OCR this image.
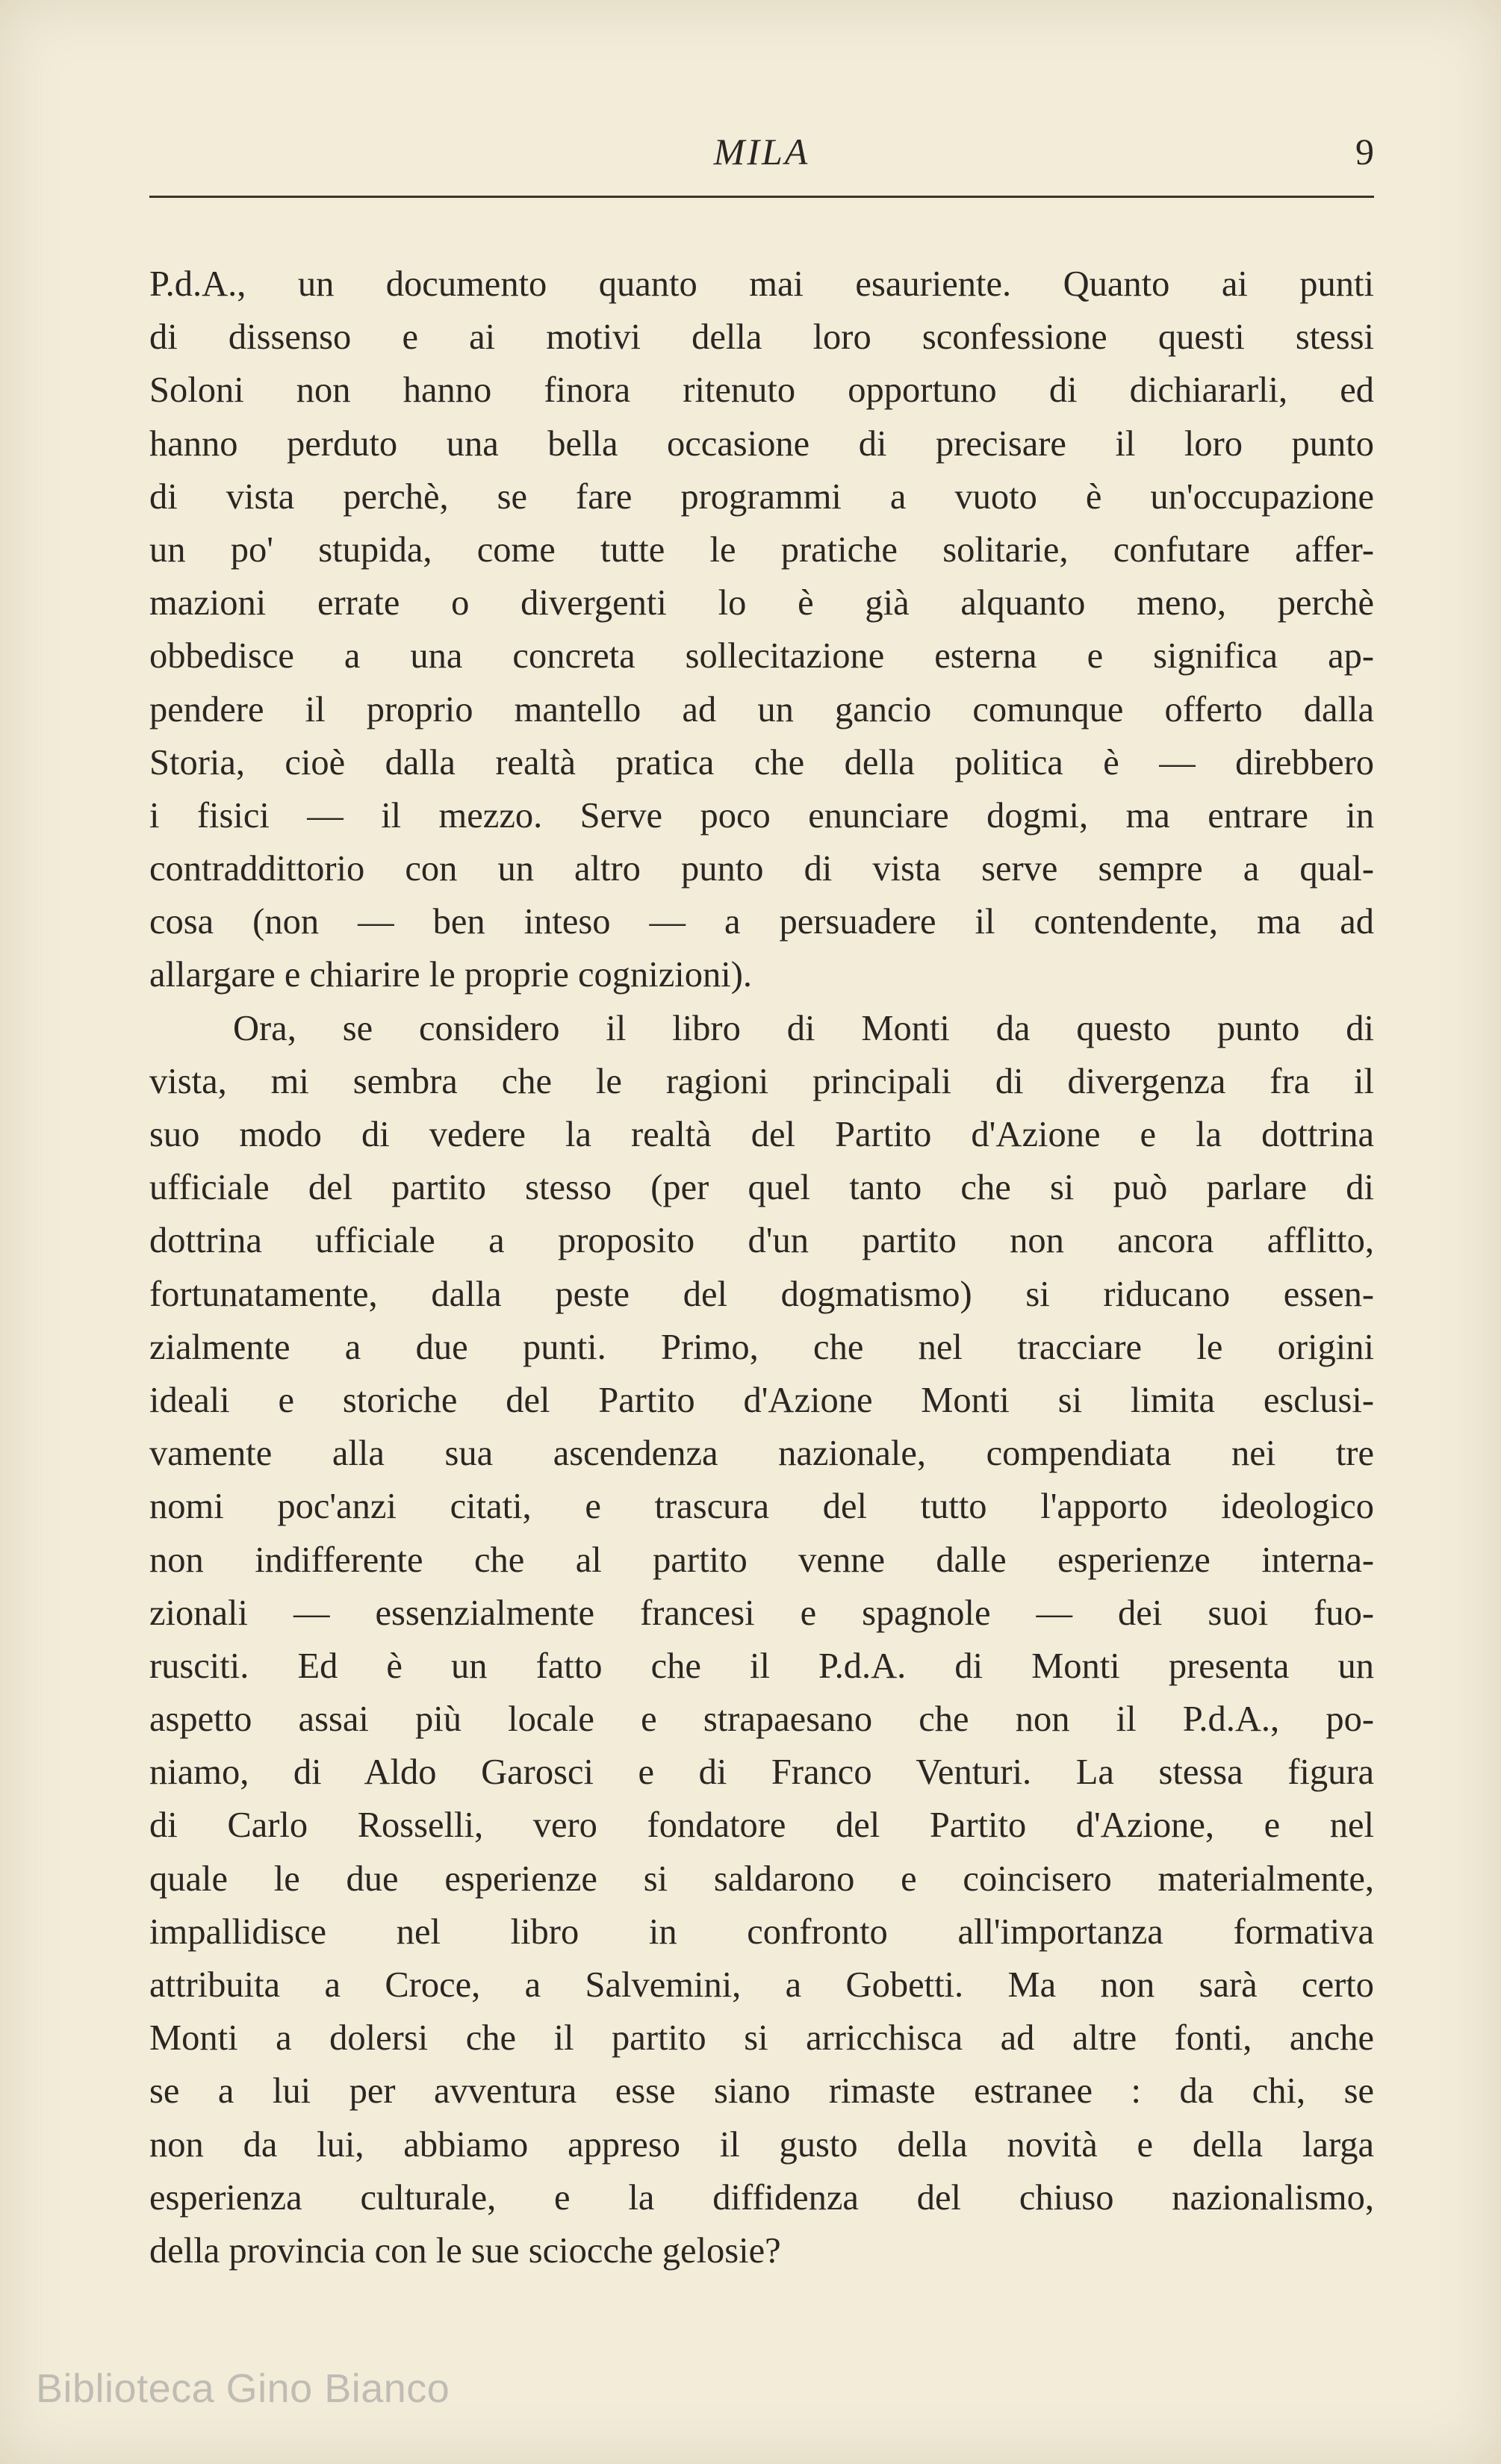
MILA	9

P.d.A., un documento quanto mai esauriente. Quanto ai punti
di dissenso e ai motivi della loro sconfessione questi stessi
Soloni non hanno finora ritenuto opportuno di dichiararli, ed
hanno perduto una bella occasione di precisare il loro punto
di vista perchè, se fare programmi a vuoto è un'occupazione
un po' stupida, come tutte le pratiche solitarie, confutare affer-
mazioni errate o divergenti lo è già alquanto meno, perchè
obbedisce a una concreta sollecitazione esterna e significa ap-
pendere il proprio mantello ad un gancio comunque offerto dalla
Storia, cioè dalla realtà pratica che della politica è — direbbero
i fisici — il mezzo. Serve poco enunciare dogmi, ma entrare in
contraddittorio con un altro punto di vista serve sempre a qual-
cosa (non — ben inteso — a persuadere il contendente, ma ad
allargare e chiarire le proprie cognizioni).

Ora, se considero il libro di Monti da questo punto di
vista, mi sembra che le ragioni principali di divergenza fra il
suo modo di vedere la realtà del Partito d'Azione e la dottrina
ufficiale del partito stesso (per quel tanto che si può parlare di
dottrina ufficiale a proposito d'un partito non ancora afflitto,
fortunatamente, dalla peste del dogmatismo) si riducano essen-
zialmente a due punti. Primo, che nel tracciare le origini
ideali e storiche del Partito d'Azione Monti si limita esclusi-
vamente alla sua ascendenza nazionale, compendiata nei tre
nomi poc'anzi citati, e trascura del tutto l'apporto ideologico
non indifferente che al partito venne dalle esperienze interna-
zionali — essenzialmente francesi e spagnole — dei suoi fuo-
rusciti. Ed è un fatto che il P.d.A. di Monti presenta un
aspetto assai più locale e strapaesano che non il P.d.A., po-
niamo, di Aldo Garosci e di Franco Venturi. La stessa figura
di Carlo Rosselli, vero fondatore del Partito d'Azione, e nel
quale le due esperienze si saldarono e coincisero materialmente,
impallidisce nel libro in confronto all'importanza formativa
attribuita a Croce, a Salvemini, a Gobetti. Ma non sarà certo
Monti a dolersi che il partito si arricchisca ad altre fonti, anche
se a lui per avventura esse siano rimaste estranee : da chi, se
non da lui, abbiamo appreso il gusto della novità e della larga
esperienza culturale, e la diffidenza del chiuso nazionalismo,
della provincia con le sue sciocche gelosie?

Biblioteca Gino Bianco
